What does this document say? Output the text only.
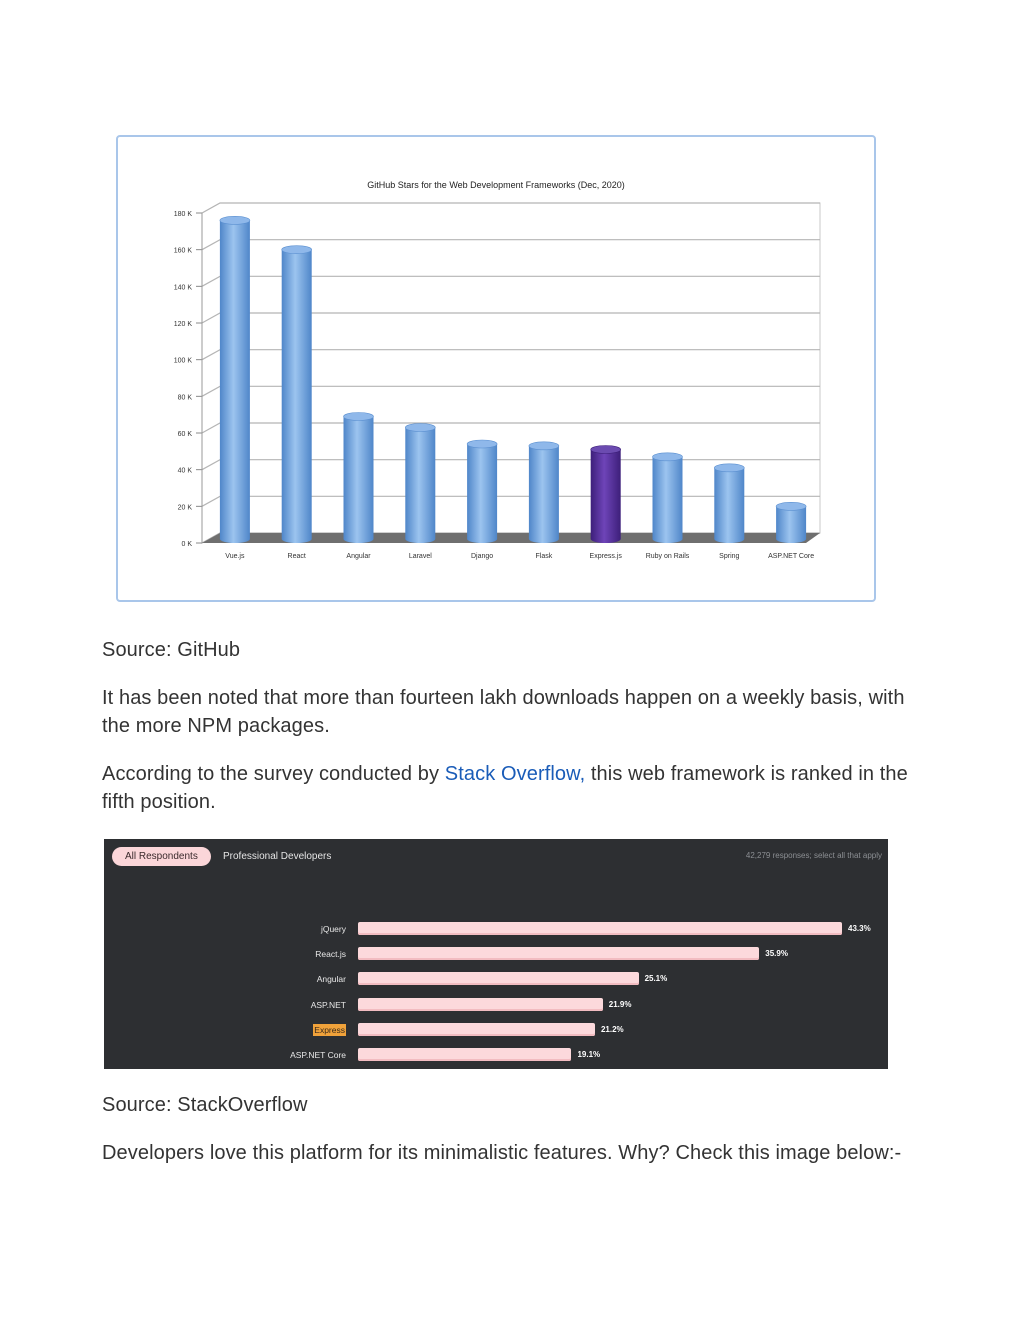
0 K
20 K
40 K
60 K
80 K
100 K
120 K
140 K
160 K
180 K
GitHub Stars for the Web Development Frameworks (Dec, 2020)
Vue.js	React	Angular	Laravel	Django	Flask	Express.js	Ruby on Rails	Spring	ASP.NET Core

Source: GitHub

It has been noted that more than fourteen lakh downloads happen on a weekly basis, with the more NPM packages.

According to the survey conducted by Stack Overflow, this web framework is ranked in the fifth position.

All Respondents	Professional Developers	42,279 responses; select all that apply
jQuery	43.3%
React.js	35.9%
Angular	25.1%
ASP.NET	21.9%
Express	21.2%
ASP.NET Core	19.1%

Source: StackOverflow

Developers love this platform for its minimalistic features. Why? Check this image below:-
